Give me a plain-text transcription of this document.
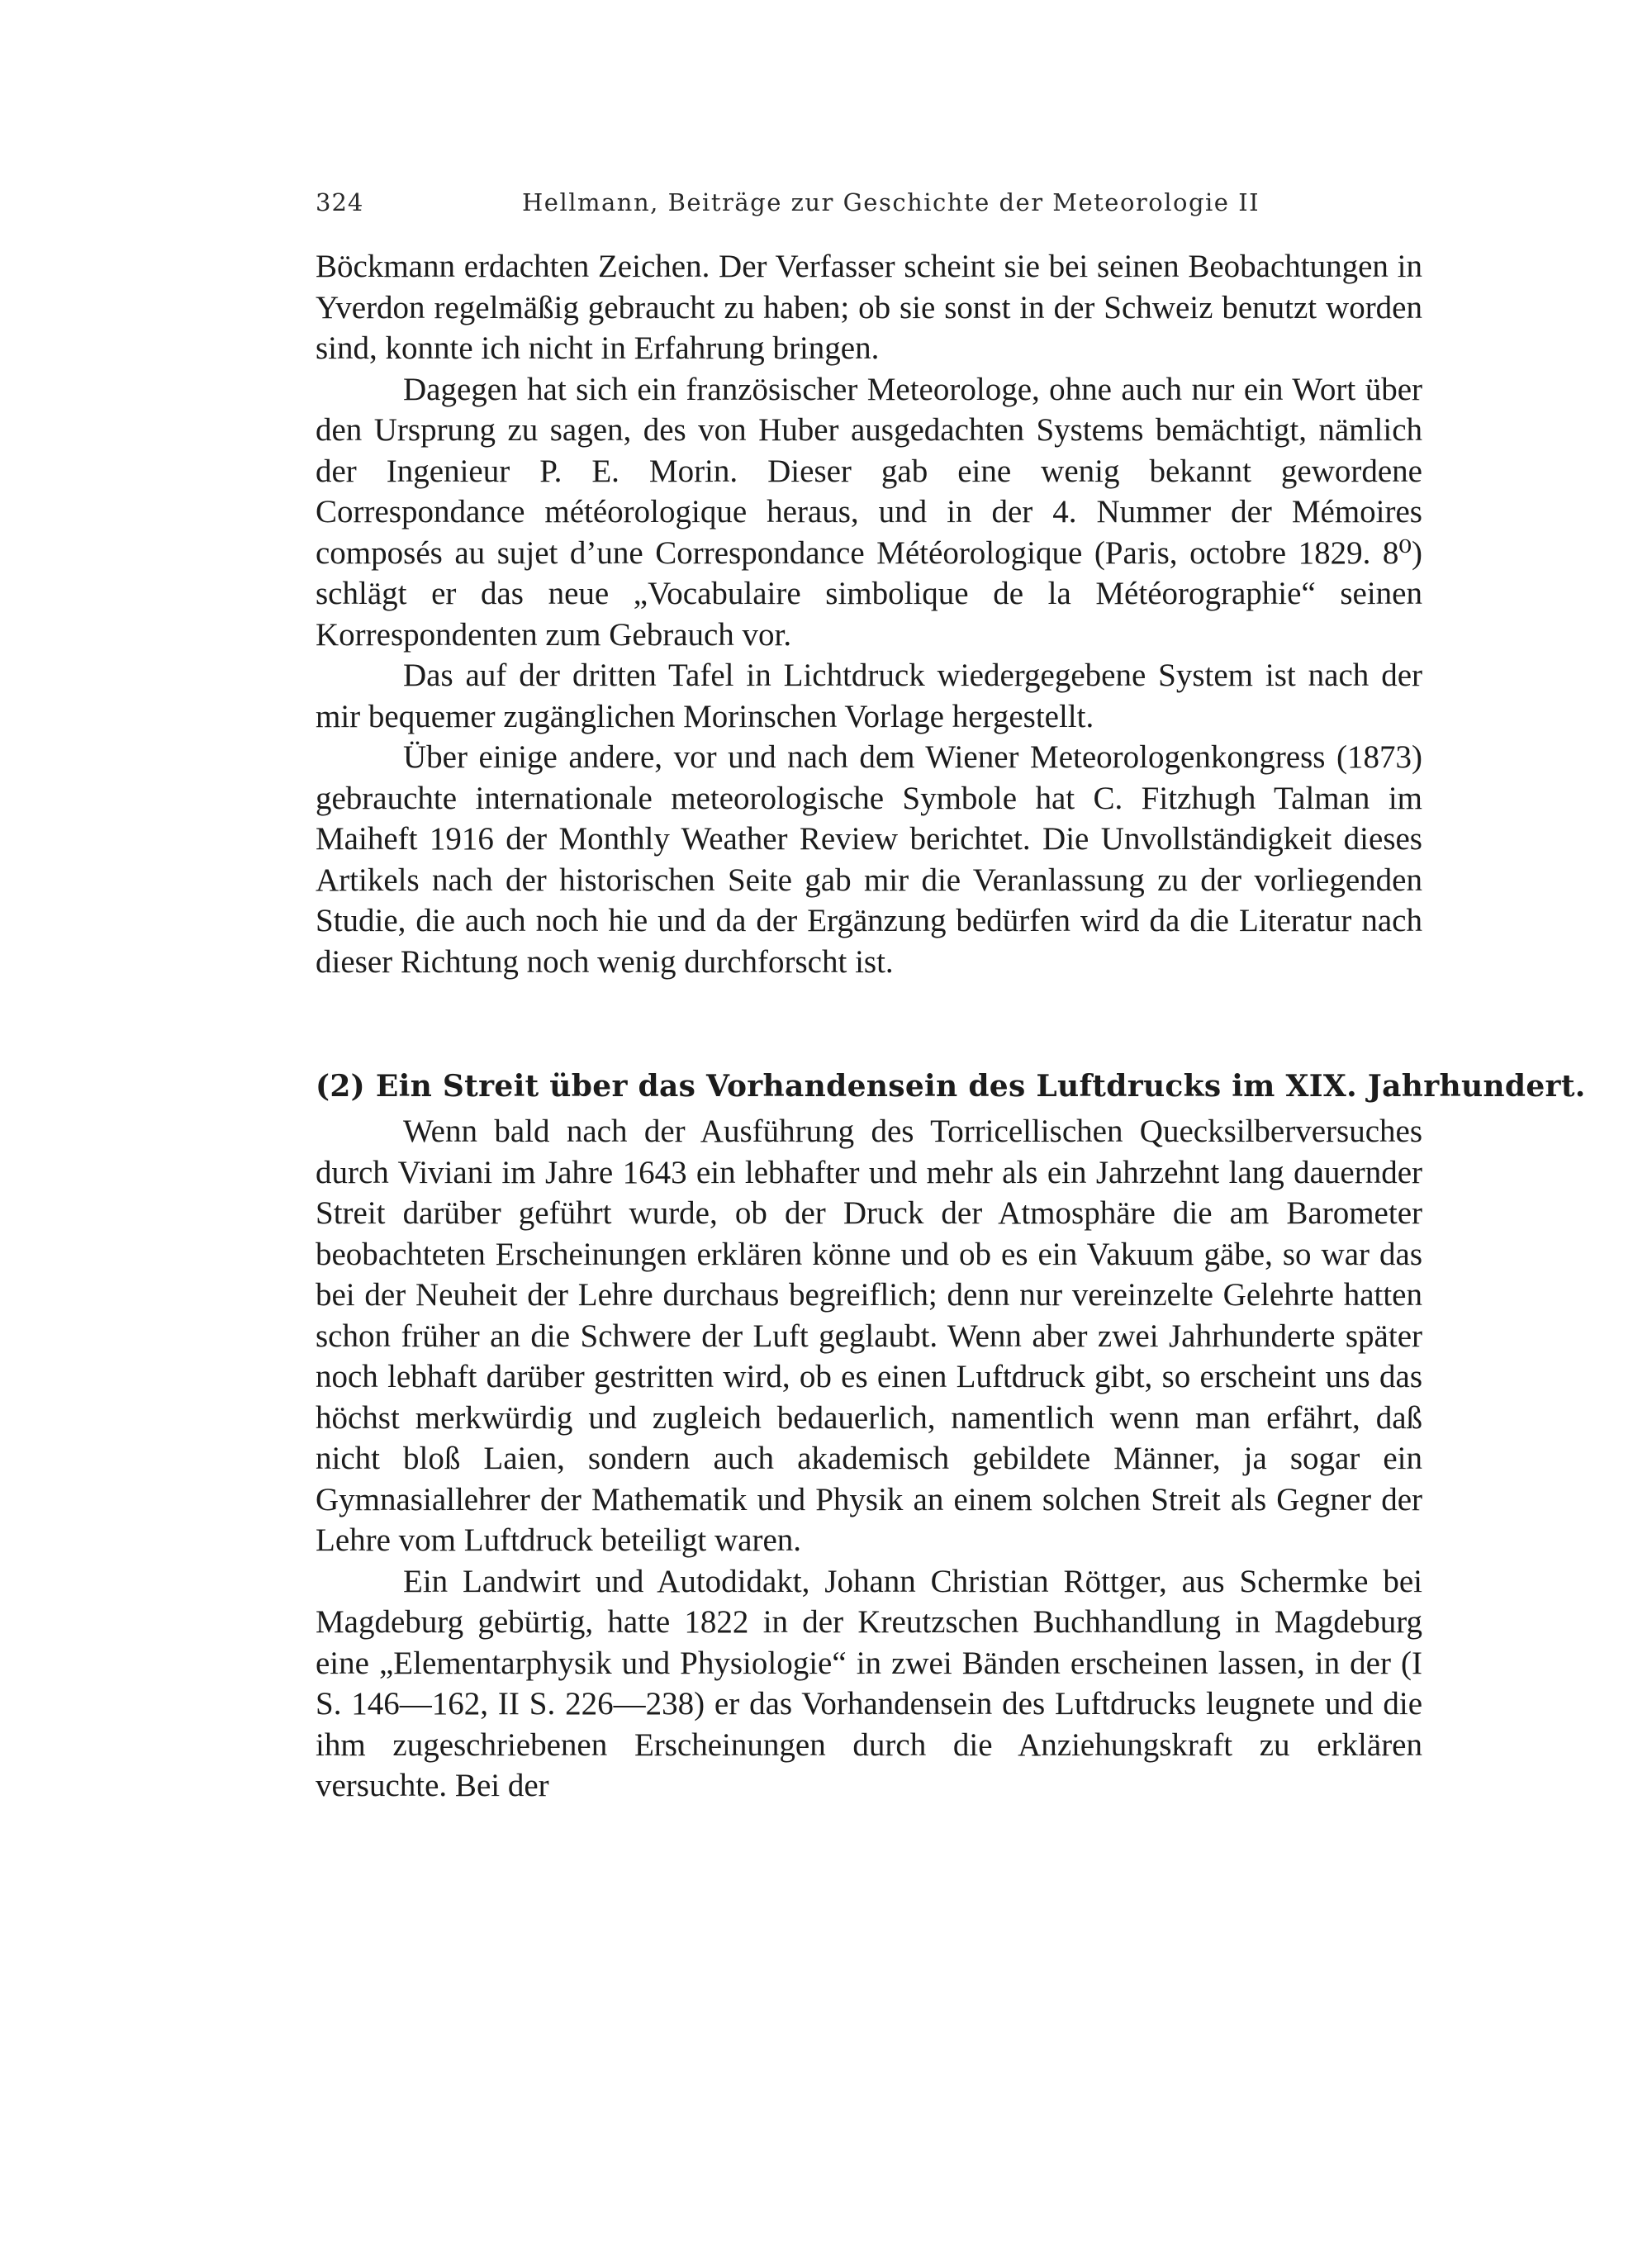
324	Hellmann, Beiträge zur Geschichte der Meteorologie II

Böckmann erdachten Zeichen. Der Verfasser scheint sie bei seinen Beobachtungen in Yverdon regelmäßig gebraucht zu haben; ob sie sonst in der Schweiz benutzt worden sind, konnte ich nicht in Erfahrung bringen.

Dagegen hat sich ein französischer Meteorologe, ohne auch nur ein Wort über den Ursprung zu sagen, des von Huber ausgedachten Systems bemächtigt, nämlich der Ingenieur P. E. Morin. Dieser gab eine wenig bekannt gewordene Correspondance météorologique heraus, und in der 4. Nummer der Mémoires composés au sujet d’une Correspondance Météorologique (Paris, octobre 1829. 8⁰) schlägt er das neue „Vocabulaire simbolique de la Météorographie“ seinen Korrespondenten zum Gebrauch vor.

Das auf der dritten Tafel in Lichtdruck wiedergegebene System ist nach der mir bequemer zugänglichen Morinschen Vorlage hergestellt.

Über einige andere, vor und nach dem Wiener Meteorologenkongress (1873) gebrauchte internationale meteorologische Symbole hat C. Fitzhugh Talman im Maiheft 1916 der Monthly Weather Review berichtet. Die Unvollständigkeit dieses Artikels nach der historischen Seite gab mir die Veranlassung zu der vorliegenden Studie, die auch noch hie und da der Ergänzung bedürfen wird da die Literatur nach dieser Richtung noch wenig durchforscht ist.

(2) Ein Streit über das Vorhandensein des Luftdrucks im XIX. Jahrhundert.

Wenn bald nach der Ausführung des Torricellischen Quecksilberversuches durch Viviani im Jahre 1643 ein lebhafter und mehr als ein Jahrzehnt lang dauernder Streit darüber geführt wurde, ob der Druck der Atmosphäre die am Barometer beobachteten Erscheinungen erklären könne und ob es ein Vakuum gäbe, so war das bei der Neuheit der Lehre durchaus begreiflich; denn nur vereinzelte Gelehrte hatten schon früher an die Schwere der Luft geglaubt. Wenn aber zwei Jahrhunderte später noch lebhaft darüber gestritten wird, ob es einen Luftdruck gibt, so erscheint uns das höchst merkwürdig und zugleich bedauerlich, namentlich wenn man erfährt, daß nicht bloß Laien, sondern auch akademisch gebildete Männer, ja sogar ein Gymnasiallehrer der Mathematik und Physik an einem solchen Streit als Gegner der Lehre vom Luftdruck beteiligt waren.

Ein Landwirt und Autodidakt, Johann Christian Röttger, aus Schermke bei Magdeburg gebürtig, hatte 1822 in der Kreutzschen Buchhandlung in Magdeburg eine „Elementarphysik und Physiologie“ in zwei Bänden erscheinen lassen, in der (I S. 146—162, II S. 226—238) er das Vorhandensein des Luftdrucks leugnete und die ihm zugeschriebenen Erscheinungen durch die Anziehungskraft zu erklären versuchte. Bei der
